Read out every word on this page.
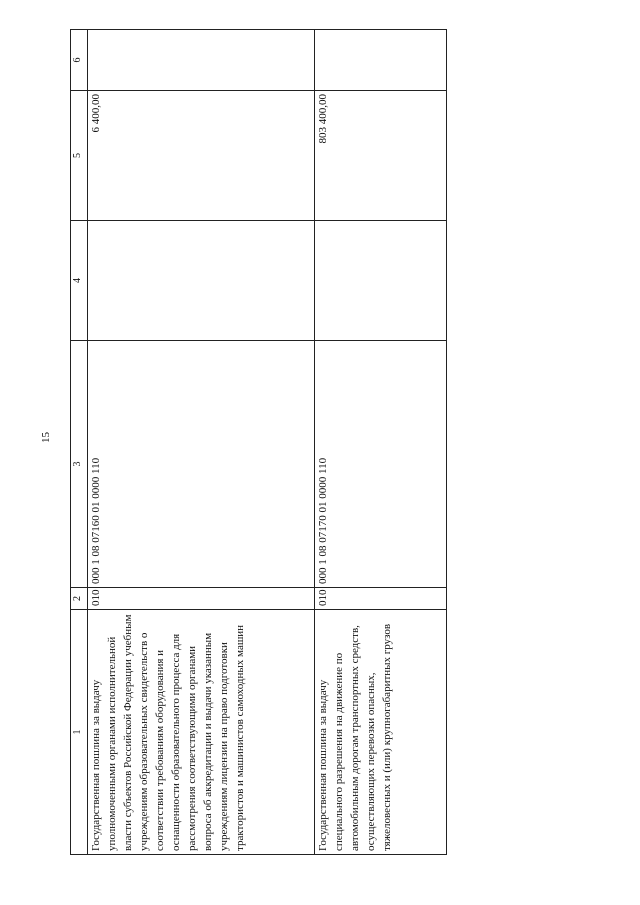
15
1	2	3	4	5	6
Государственная пошлина за выдачу уполномоченными органами исполнительной власти субъектов Российской Федерации учебным учреждениям образовательных свидетельств о соответствии требованиям оборудования и оснащенности образовательного процесса для рассмотрения соответствующими органами вопроса об аккредитации и выдачи указанным учреждениям лицензии на право подготовки трактористов и машинистов самоходных машин	010	000 1 08 07160 01 0000 110		6 400,00	
Государственная пошлина за выдачу специального разрешения на движение по автомобильным дорогам транспортных средств, осуществляющих перевозки опасных, тяжеловесных и (или) крупногабаритных грузов	010	000 1 08 07170 01 0000 110		803 400,00	
